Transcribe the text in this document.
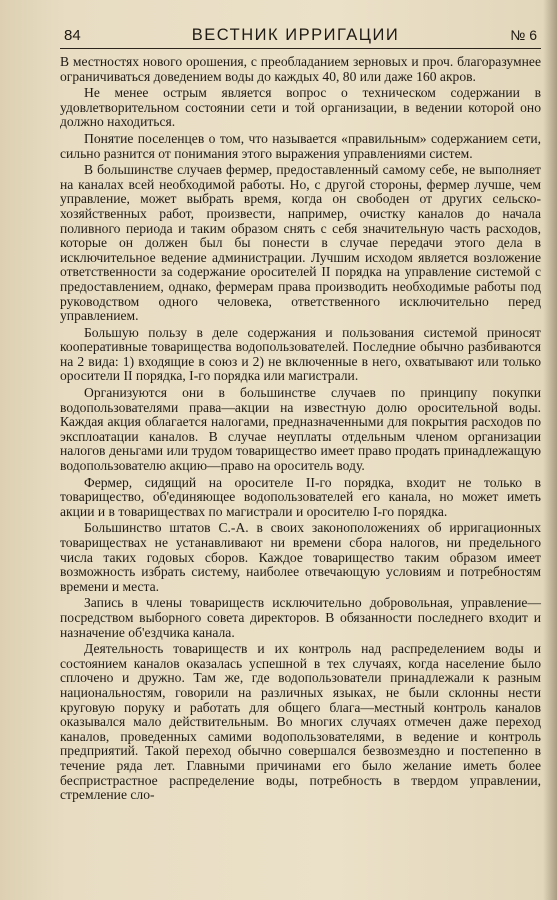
84	ВЕСТНИК ИРРИГАЦИИ	№ 6

В местностях нового орошения, с преобладанием зерновых и проч. благоразумнее ограничиваться доведением воды до каждых 40, 80 или даже 160 акров.

Не менее острым является вопрос о техническом содержании в удовлетворительном состоянии сети и той организации, в ведении которой оно должно находиться.

Понятие поселенцев о том, что называется «правильным» содержанием сети, сильно разнится от понимания этого выражения управлениями систем.

В большинстве случаев фермер, предоставленный самому себе, не выполняет на каналах всей необходимой работы. Но, с другой стороны, фермер лучше, чем управление, может выбрать время, когда он свободен от других сельско-хозяйственных работ, произвести, например, очистку каналов до начала поливного периода и таким образом снять с себя значительную часть расходов, которые он должен был бы понести в случае передачи этого дела в исключительное ведение администрации. Лучшим исходом является возложение ответственности за содержание оросителей II порядка на управление системой с предоставлением, однако, фермерам права производить необходимые работы под руководством одного человека, ответственного исключительно перед управлением.

Большую пользу в деле содержания и пользования системой приносят кооперативные товарищества водопользователей. Последние обычно разбиваются на 2 вида: 1) входящие в союз и 2) не включенные в него, охватывают или только оросители II порядка, I-го порядка или магистрали.

Организуются они в большинстве случаев по принципу покупки водопользователями права—акции на известную долю оросительной воды. Каждая акция облагается налогами, предназначенными для покрытия расходов по эксплоатации каналов. В случае неуплаты отдельным членом организации налогов деньгами или трудом товарищество имеет право продать принадлежащую водопользователю акцию—право на ороситель воду.

Фермер, сидящий на оросителе II-го порядка, входит не только в товарищество, об'единяющее водопользователей его канала, но может иметь акции и в товариществах по магистрали и оросителю I-го порядка.

Большинство штатов С.-А. в своих законоположениях об ирригационных товариществах не устанавливают ни времени сбора налогов, ни предельного числа таких годовых сборов. Каждое товарищество таким образом имеет возможность избрать систему, наиболее отвечающую условиям и потребностям времени и места.

Запись в члены товариществ исключительно добровольная, управление—посредством выборного совета директоров. В обязанности последнего входит и назначение об'ездчика канала.

Деятельность товариществ и их контроль над распределением воды и состоянием каналов оказалась успешной в тех случаях, когда население было сплочено и дружно. Там же, где водопользователи принадлежали к разным национальностям, говорили на различных языках, не были склонны нести круговую поруку и работать для общего блага—местный контроль каналов оказывался мало действительным. Во многих случаях отмечен даже переход каналов, проведенных самими водопользователями, в ведение и контроль предприятий. Такой переход обычно совершался безвозмездно и постепенно в течение ряда лет. Главными причинами его было желание иметь более беспристрастное распределение воды, потребность в твердом управлении, стремление сло-
